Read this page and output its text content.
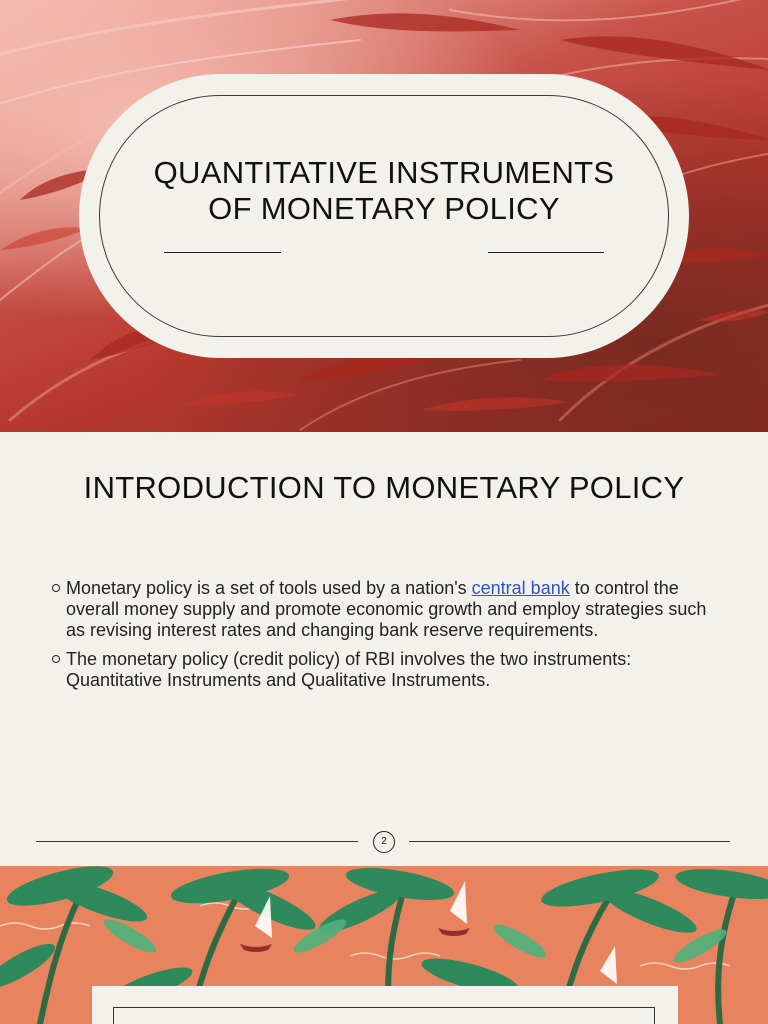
QUANTITATIVE INSTRUMENTS
OF MONETARY POLICY
INTRODUCTION TO MONETARY POLICY
Monetary policy is a set of tools used by a nation's central bank to control the overall money supply and promote economic growth and employ strategies such as revising interest rates and changing bank reserve requirements.
The monetary policy (credit policy) of RBI involves the two instruments: Quantitative Instruments and Qualitative Instruments.
2
